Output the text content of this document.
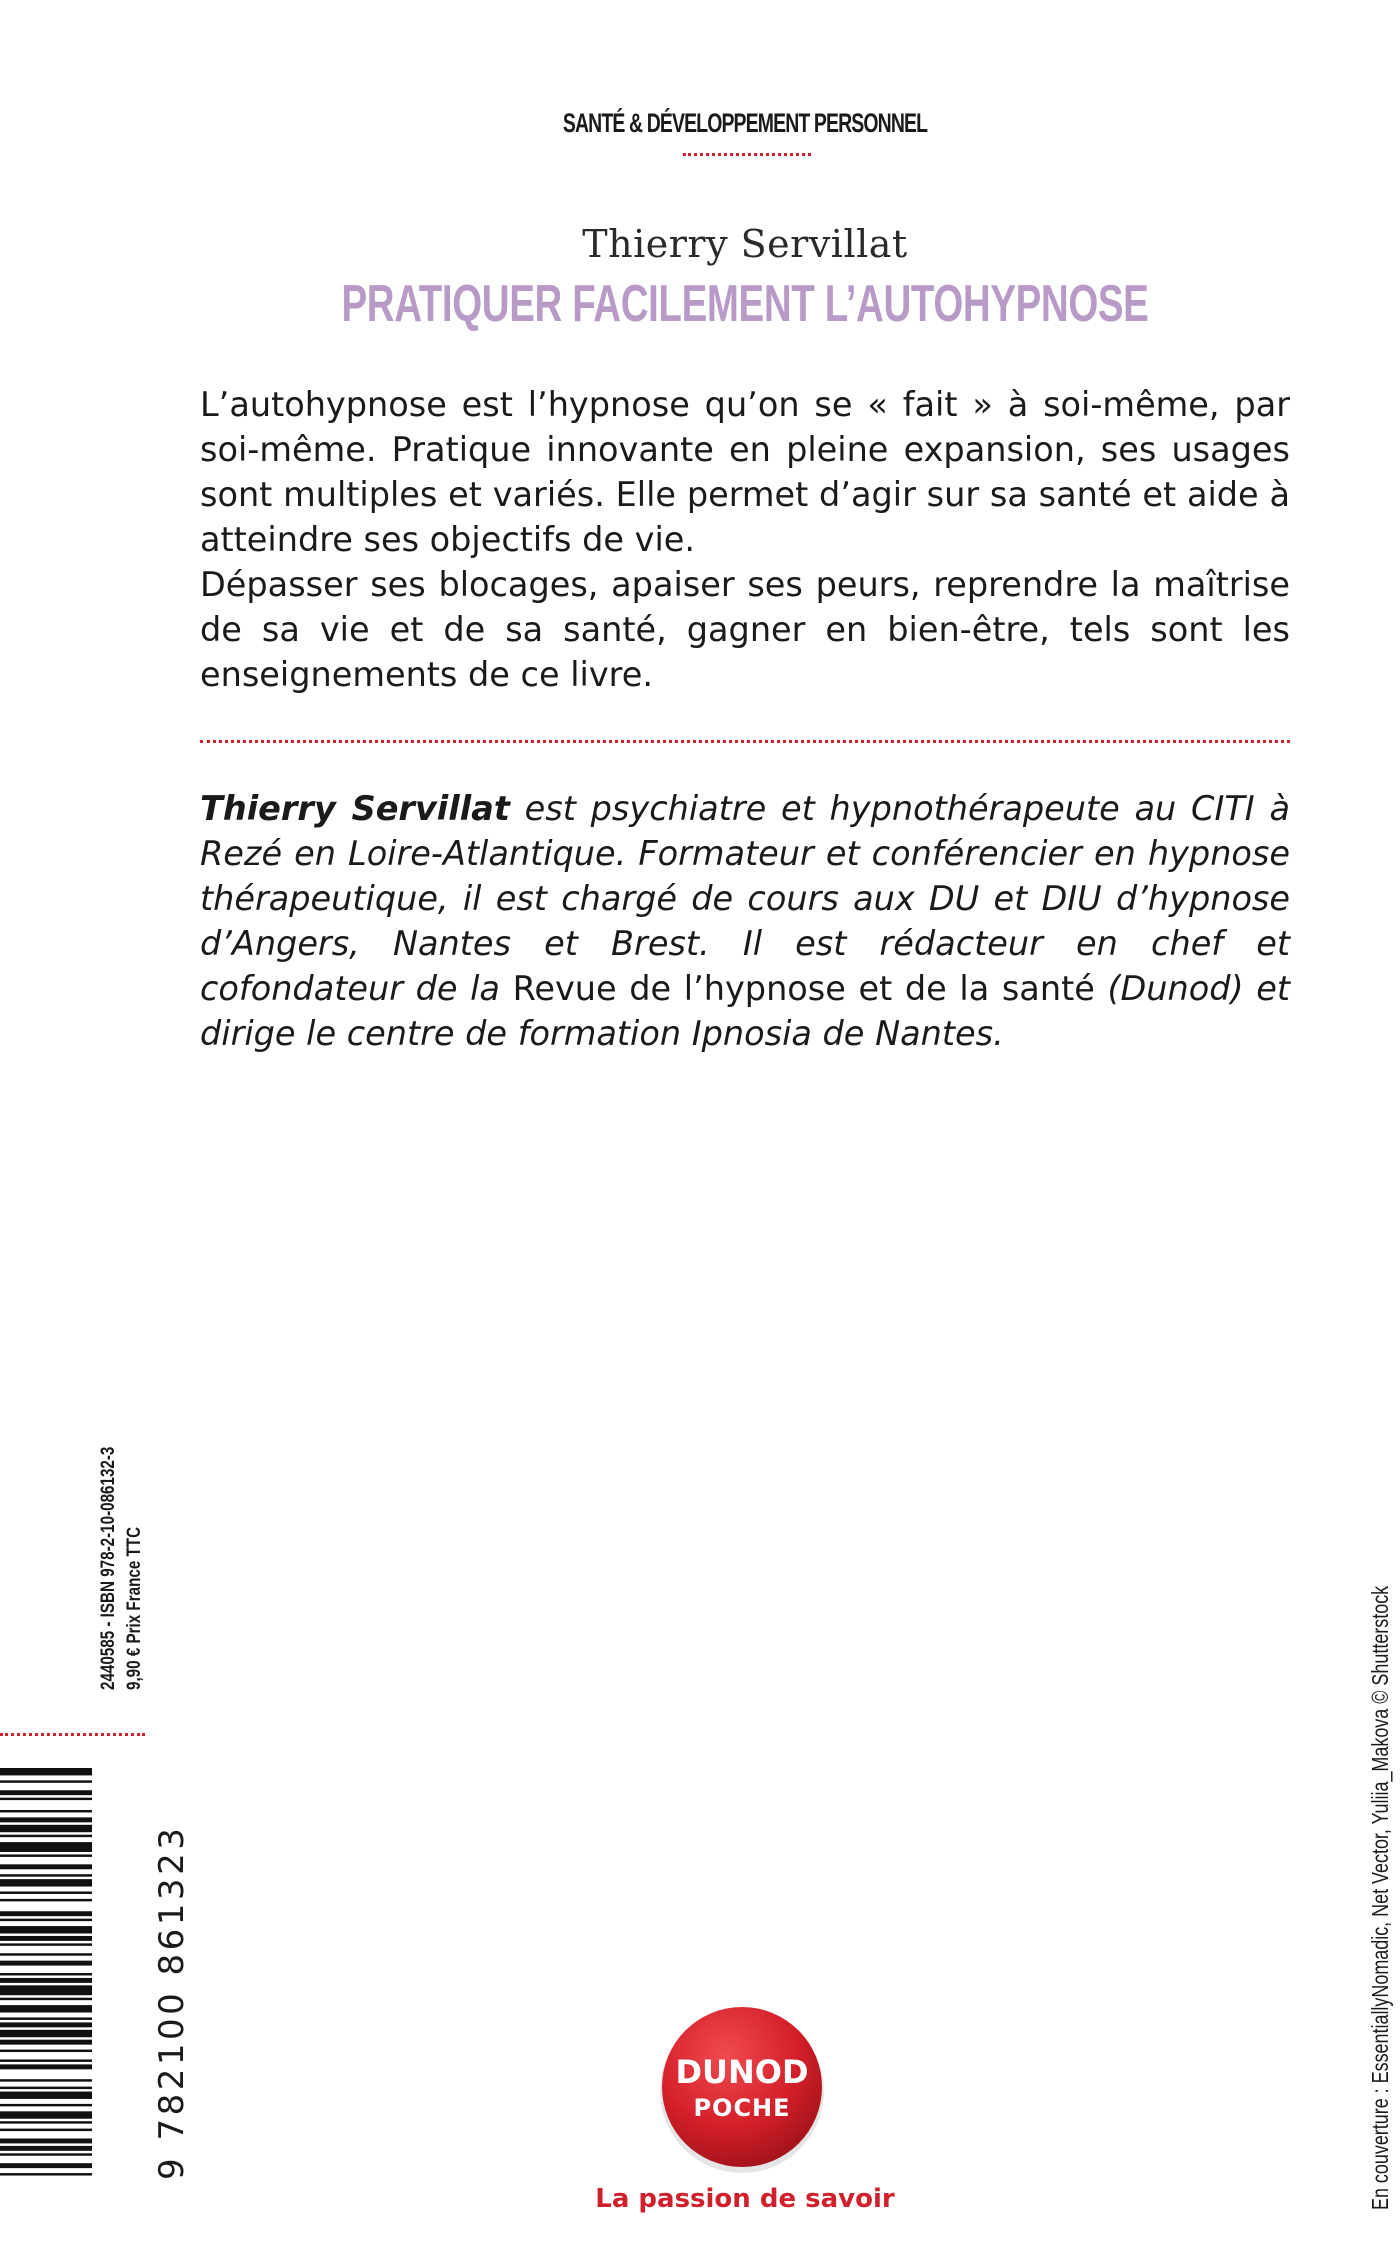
SANTÉ & DÉVELOPPEMENT PERSONNEL
Thierry Servillat
PRATIQUER FACILEMENT L’AUTOHYPNOSE

L’autohypnose est l’hypnose qu’on se « fait » à soi-même, par soi-même. Pratique innovante en pleine expansion, ses usages sont multiples et variés. Elle permet d’agir sur sa santé et aide à atteindre ses objectifs de vie.

Dépasser ses blocages, apaiser ses peurs, reprendre la maîtrise de sa vie et de sa santé, gagner en bien-être, tels sont les enseignements de ce livre.

Thierry Servillat est psychiatre et hypnothérapeute au CITI à Rezé en Loire-Atlantique. Formateur et conférencier en hypnose thérapeutique, il est chargé de cours aux DU et DIU d’hypnose d’Angers, Nantes et Brest. Il est rédacteur en chef et cofondateur de la Revue de l’hypnose et de la santé (Dunod) et dirige le centre de formation Ipnosia de Nantes.
2440585 - ISBN 978-2-10-086132-3 9,90 € Prix France TTC
9 782100 861323	En couverture : EssentiallyNomadic, Net Vector, Yuliia_Makova © Shutterstock
DUNOD
POCHE
La passion de savoir
